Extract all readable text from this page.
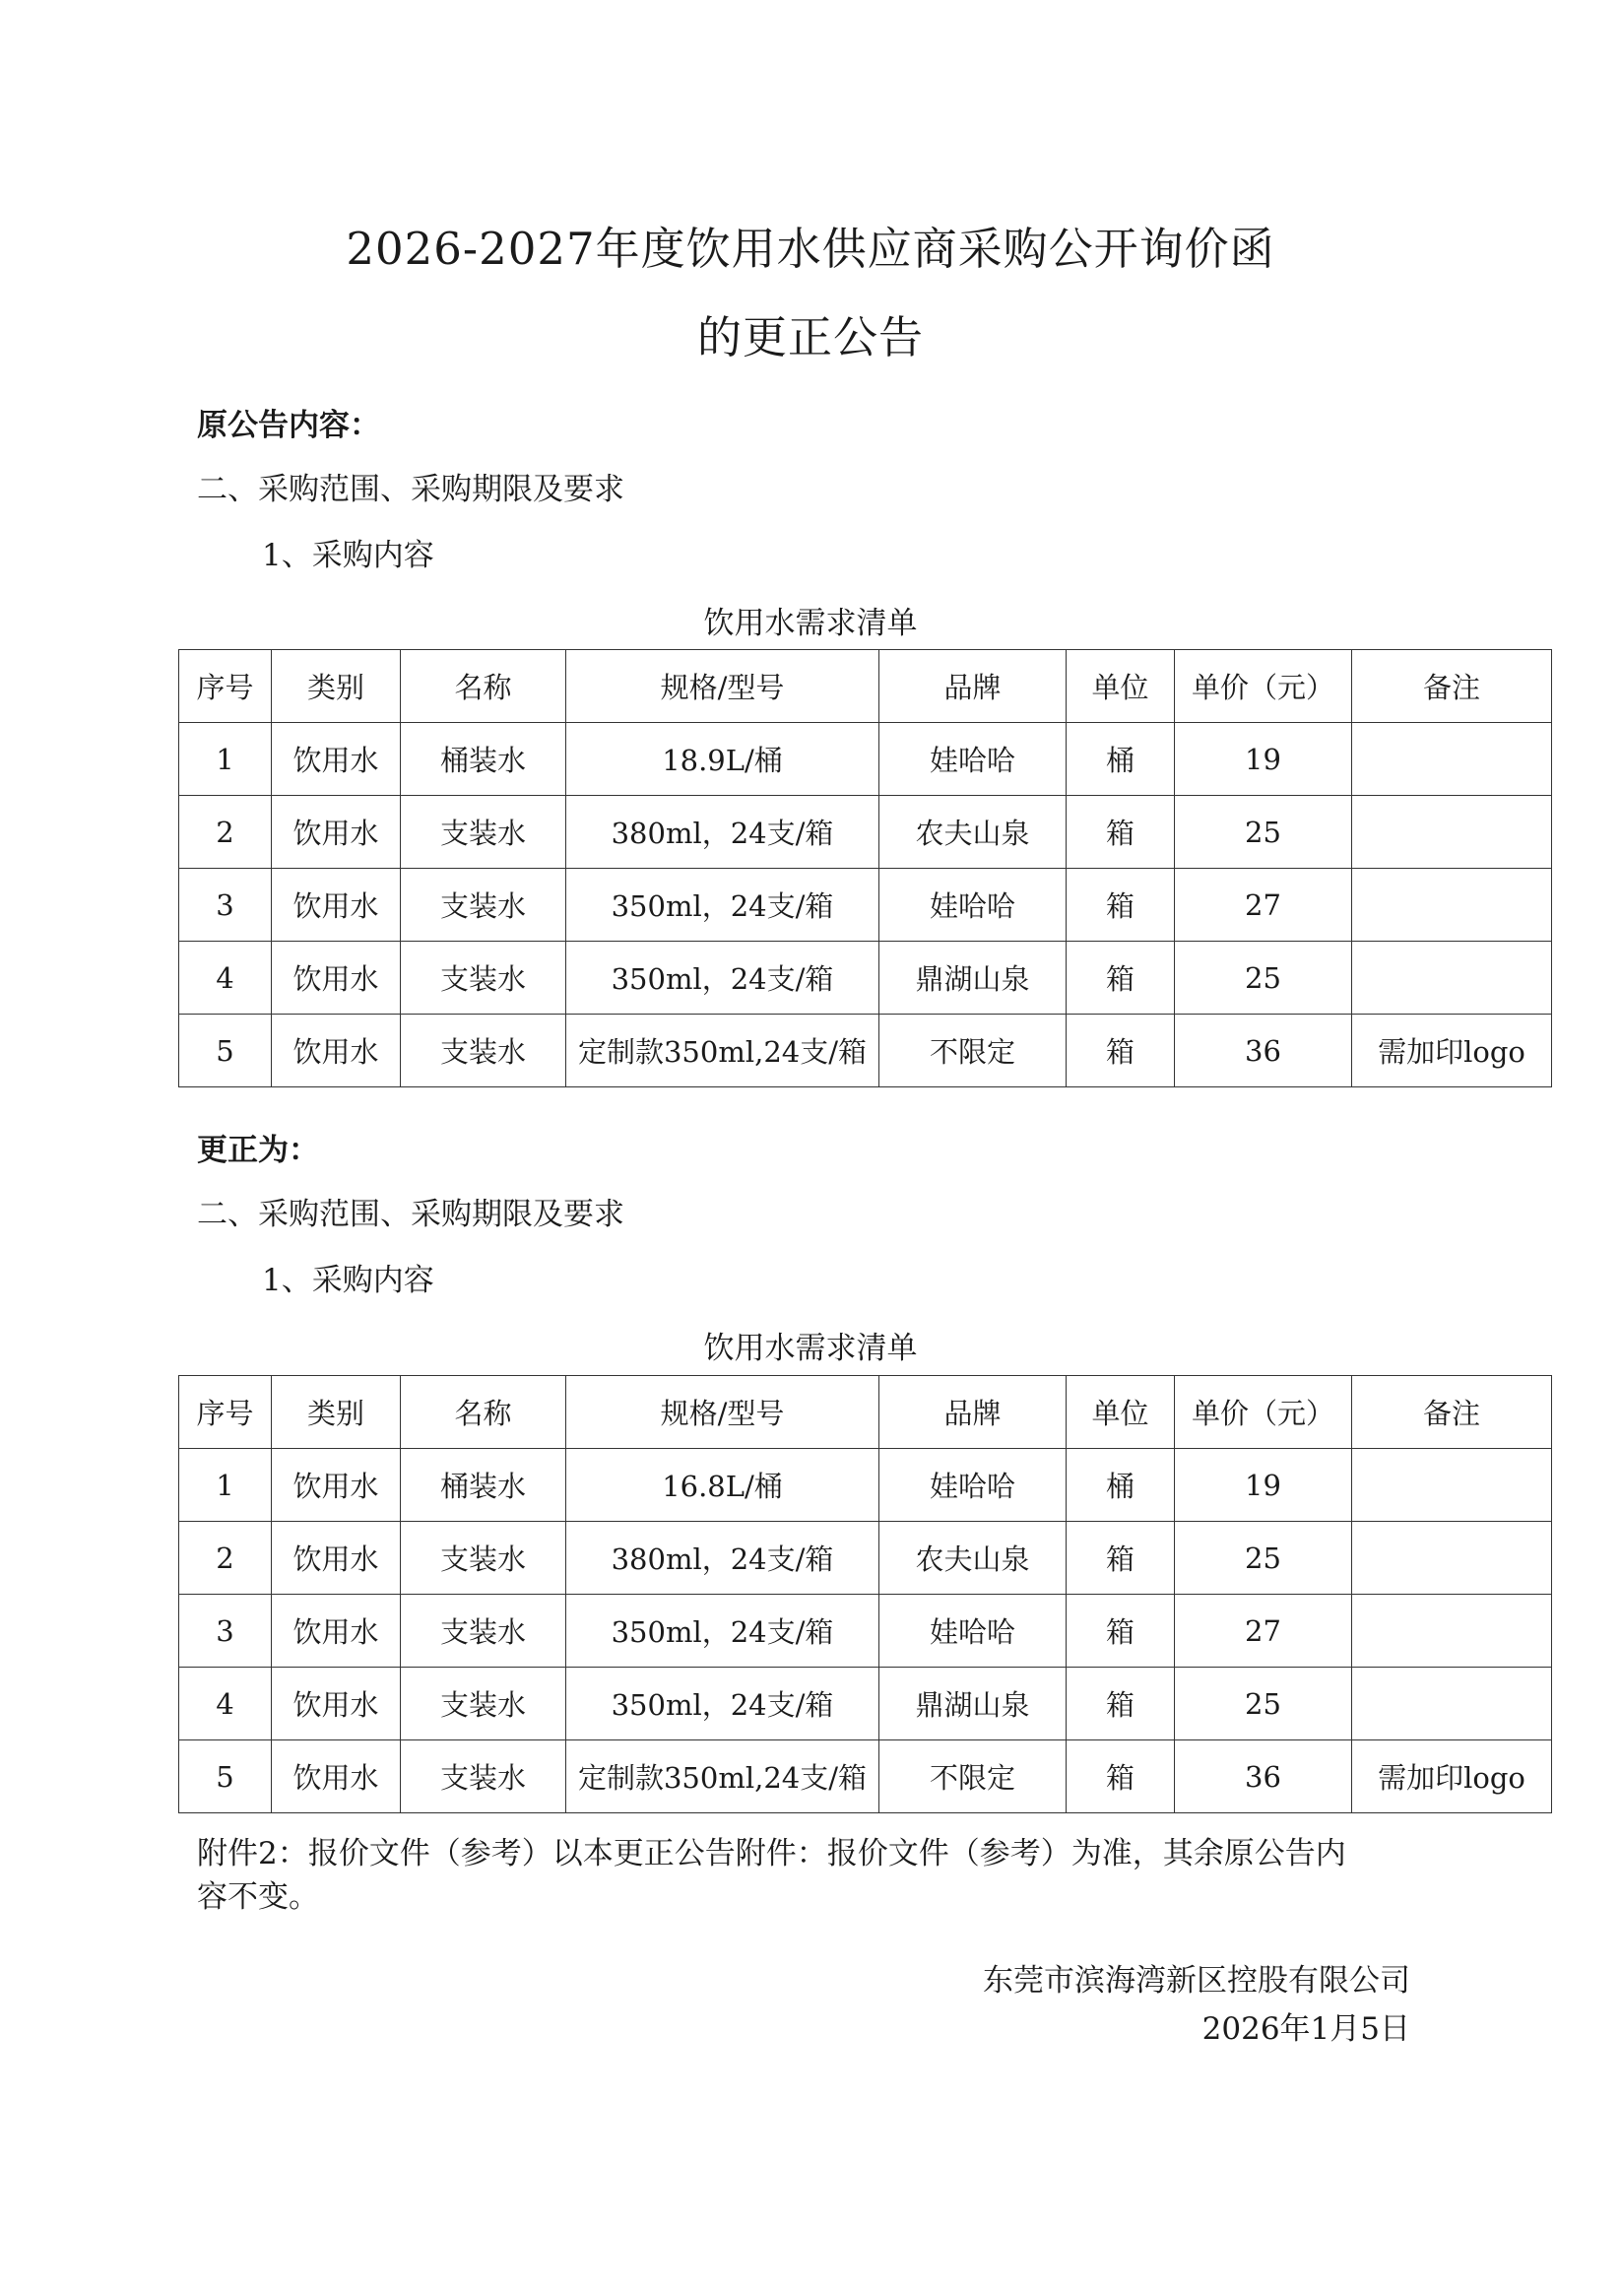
2026-2027年度饮用水供应商采购公开询价函
的更正公告

原公告内容：

二、采购范围、采购期限及要求

1、采购内容

饮用水需求清单
序号	类别	名称	规格/型号	品牌	单位	单价（元）	备注
1	饮用水	桶装水	18.9L/桶	娃哈哈	桶	19	
2	饮用水	支装水	380ml，24支/箱	农夫山泉	箱	25	
3	饮用水	支装水	350ml，24支/箱	娃哈哈	箱	27	
4	饮用水	支装水	350ml，24支/箱	鼎湖山泉	箱	25	
5	饮用水	支装水	定制款350ml,24支/箱	不限定	箱	36	需加印logo

更正为：

二、采购范围、采购期限及要求

1、采购内容

饮用水需求清单
序号	类别	名称	规格/型号	品牌	单位	单价（元）	备注
1	饮用水	桶装水	16.8L/桶	娃哈哈	桶	19	
2	饮用水	支装水	380ml，24支/箱	农夫山泉	箱	25	
3	饮用水	支装水	350ml，24支/箱	娃哈哈	箱	27	
4	饮用水	支装水	350ml，24支/箱	鼎湖山泉	箱	25	
5	饮用水	支装水	定制款350ml,24支/箱	不限定	箱	36	需加印logo
附件2：报价文件（参考）以本更正公告附件：报价文件（参考）为准，其余原公告内
容不变。
东莞市滨海湾新区控股有限公司
2026年1月5日
